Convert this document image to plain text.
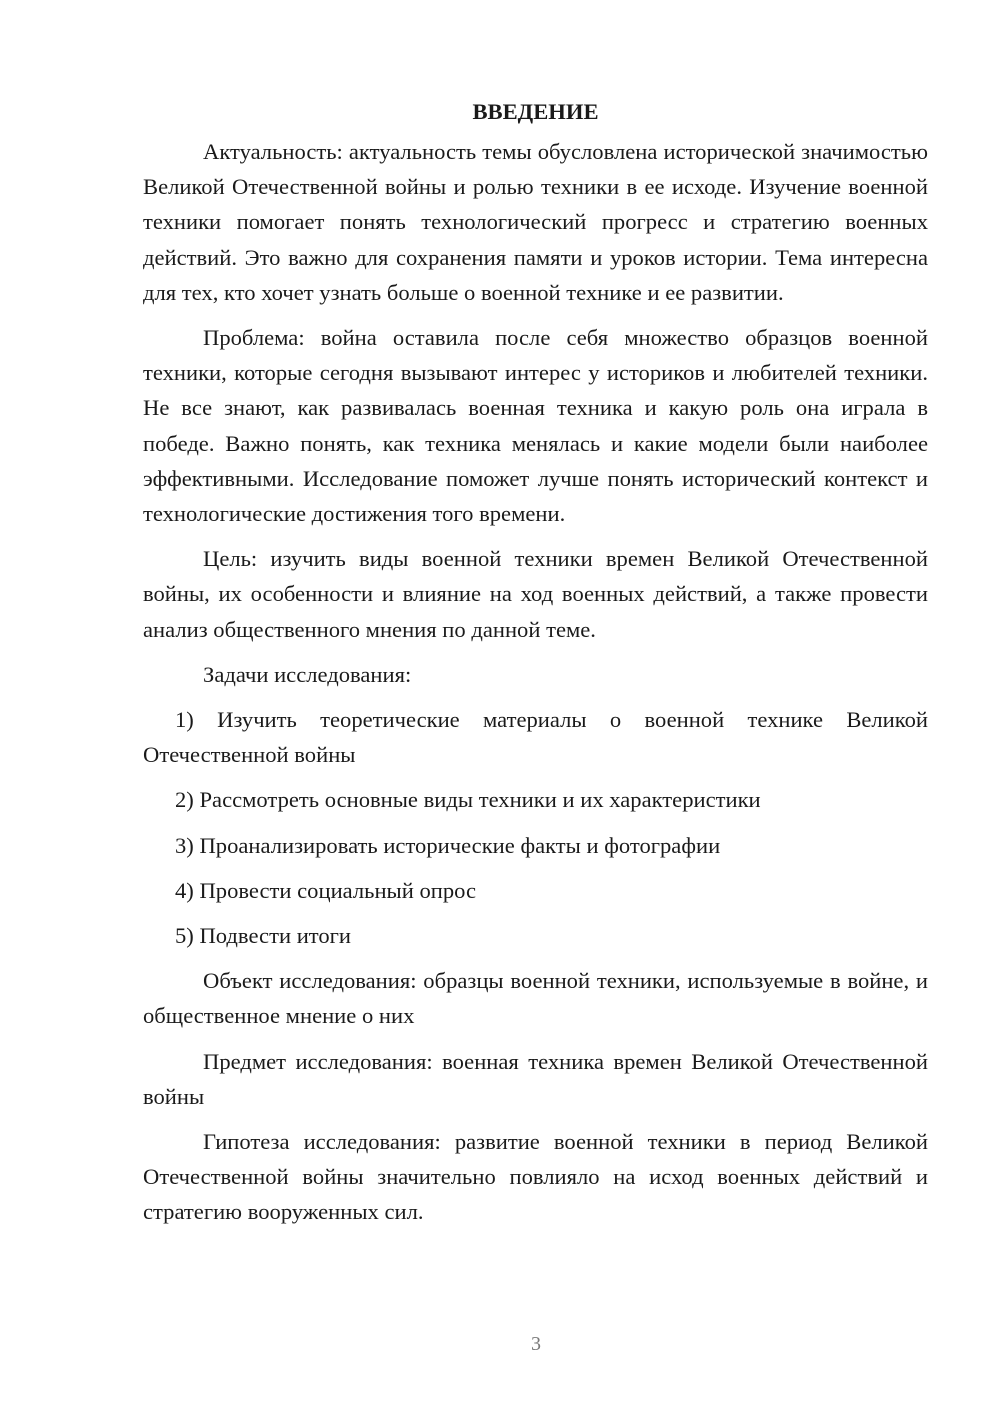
ВВЕДЕНИЕ

Актуальность: актуальность темы обусловлена исторической значимостью Великой Отечественной войны и ролью техники в ее исходе. Изучение военной техники помогает понять технологический прогресс и стратегию военных действий. Это важно для сохранения памяти и уроков истории. Тема интересна для тех, кто хочет узнать больше о военной технике и ее развитии.

Проблема: война оставила после себя множество образцов военной техники, которые сегодня вызывают интерес у историков и любителей техники. Не все знают, как развивалась военная техника и какую роль она играла в победе. Важно понять, как техника менялась и какие модели были наиболее эффективными. Исследование поможет лучше понять исторический контекст и технологические достижения того времени.

Цель: изучить виды военной техники времен Великой Отечественной войны, их особенности и влияние на ход военных действий, а также провести анализ общественного мнения по данной теме.

Задачи исследования:

1) Изучить теоретические материалы о военной технике Великой Отечественной войны

2) Рассмотреть основные виды техники и их характеристики

3) Проанализировать исторические факты и фотографии

4) Провести социальный опрос

5) Подвести итоги

Объект исследования: образцы военной техники, используемые в войне, и общественное мнение о них

Предмет исследования: военная техника времен Великой Отечественной войны

Гипотеза исследования: развитие военной техники в период Великой Отечественной войны значительно повлияло на исход военных действий и стратегию вооруженных сил.

3
